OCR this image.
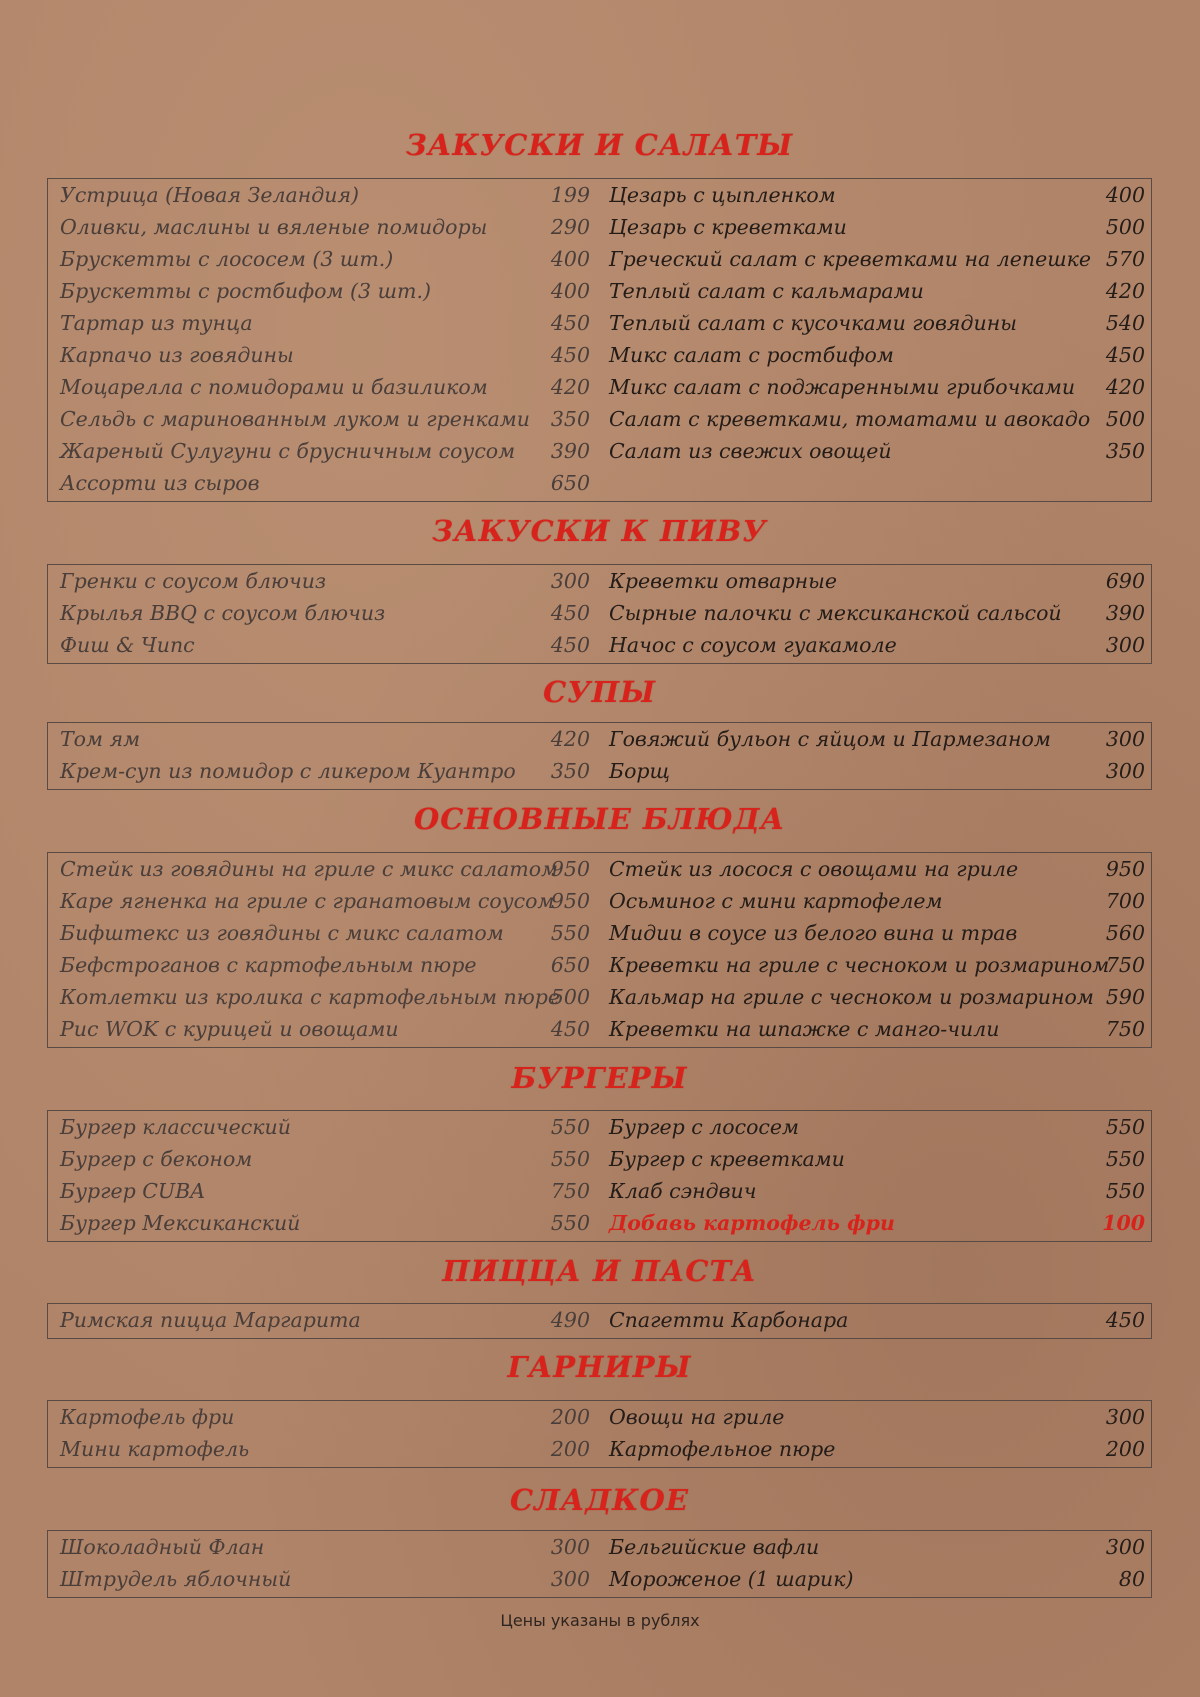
ЗАКУСКИ И САЛАТЫ
Устрица (Новая Зеландия)	199
Оливки, маслины и вяленые помидоры	290
Брускетты с лососем (3 шт.)	400
Брускетты с ростбифом (3 шт.)	400
Тартар из тунца	450
Карпачо из говядины	450
Моцарелла с помидорами и базиликом	420
Сельдь с маринованным луком и гренками 350
Жареный Сулугуни с брусничным соусом 390
Ассорти из сыров	650
Цезарь с цыпленком	400
Цезарь с креветками	500
Греческий салат с креветками на лепешке 570
Теплый салат с кальмарами	420
Теплый салат с кусочками говядины	540
Микс салат с ростбифом	450
Микс салат с поджаренными грибочками 420
Салат с креветками, томатами и авокадо 500
Салат из свежих овощей	350
ЗАКУСКИ К ПИВУ
Гренки с соусом блючиз	300
Крылья BBQ с соусом блючиз	450
Фиш & Чипс	450
Креветки отварные	690
Сырные палочки с мексиканской сальсой 390
Начос с соусом гуакамоле	300
СУПЫ
Том ям	420
Крем-суп из помидор с ликером Куантро 350
Говяжий бульон с яйцом и Пармезаном	300
Борщ	300
ОСНОВНЫЕ БЛЮДА
Стейк из говядины на гриле с микс салатом
950
Каре ягненка на гриле с гранатовым соусом
950
Бифштекс из говядины с микс салатом 550
Бефстроганов с картофельным пюре	650
Котлетки из кролика с картофельным пюре
500
Рис WOK с курицей и овощами	450
Стейк из лосося с овощами на гриле	950
Осьминог с мини картофелем	700
Мидии в соусе из белого вина и трав	560
Креветки на гриле с чесноком и розмарином
750
Кальмар на гриле с чесноком и розмарином 590
Креветки на шпажке с манго-чили	750
БУРГЕРЫ
Бургер классический	550
Бургер с беконом	550
Бургер CUBA	750
Бургер Мексиканский	550
Бургер с лососем	550
Бургер с креветками	550
Клаб сэндвич	550
Добавь картофель фри	100
ПИЦЦА И ПАСТА
Римская пицца Маргарита	490 Спагетти Карбонара	450
ГАРНИРЫ
Картофель фри	200
Мини картофель	200
Овощи на гриле	300
Картофельное пюре	200
СЛАДКОЕ
Шоколадный Флан	300
Штрудель яблочный	300
Бельгийские вафли	300
Мороженое (1 шарик)	80
Цены указаны в рублях
